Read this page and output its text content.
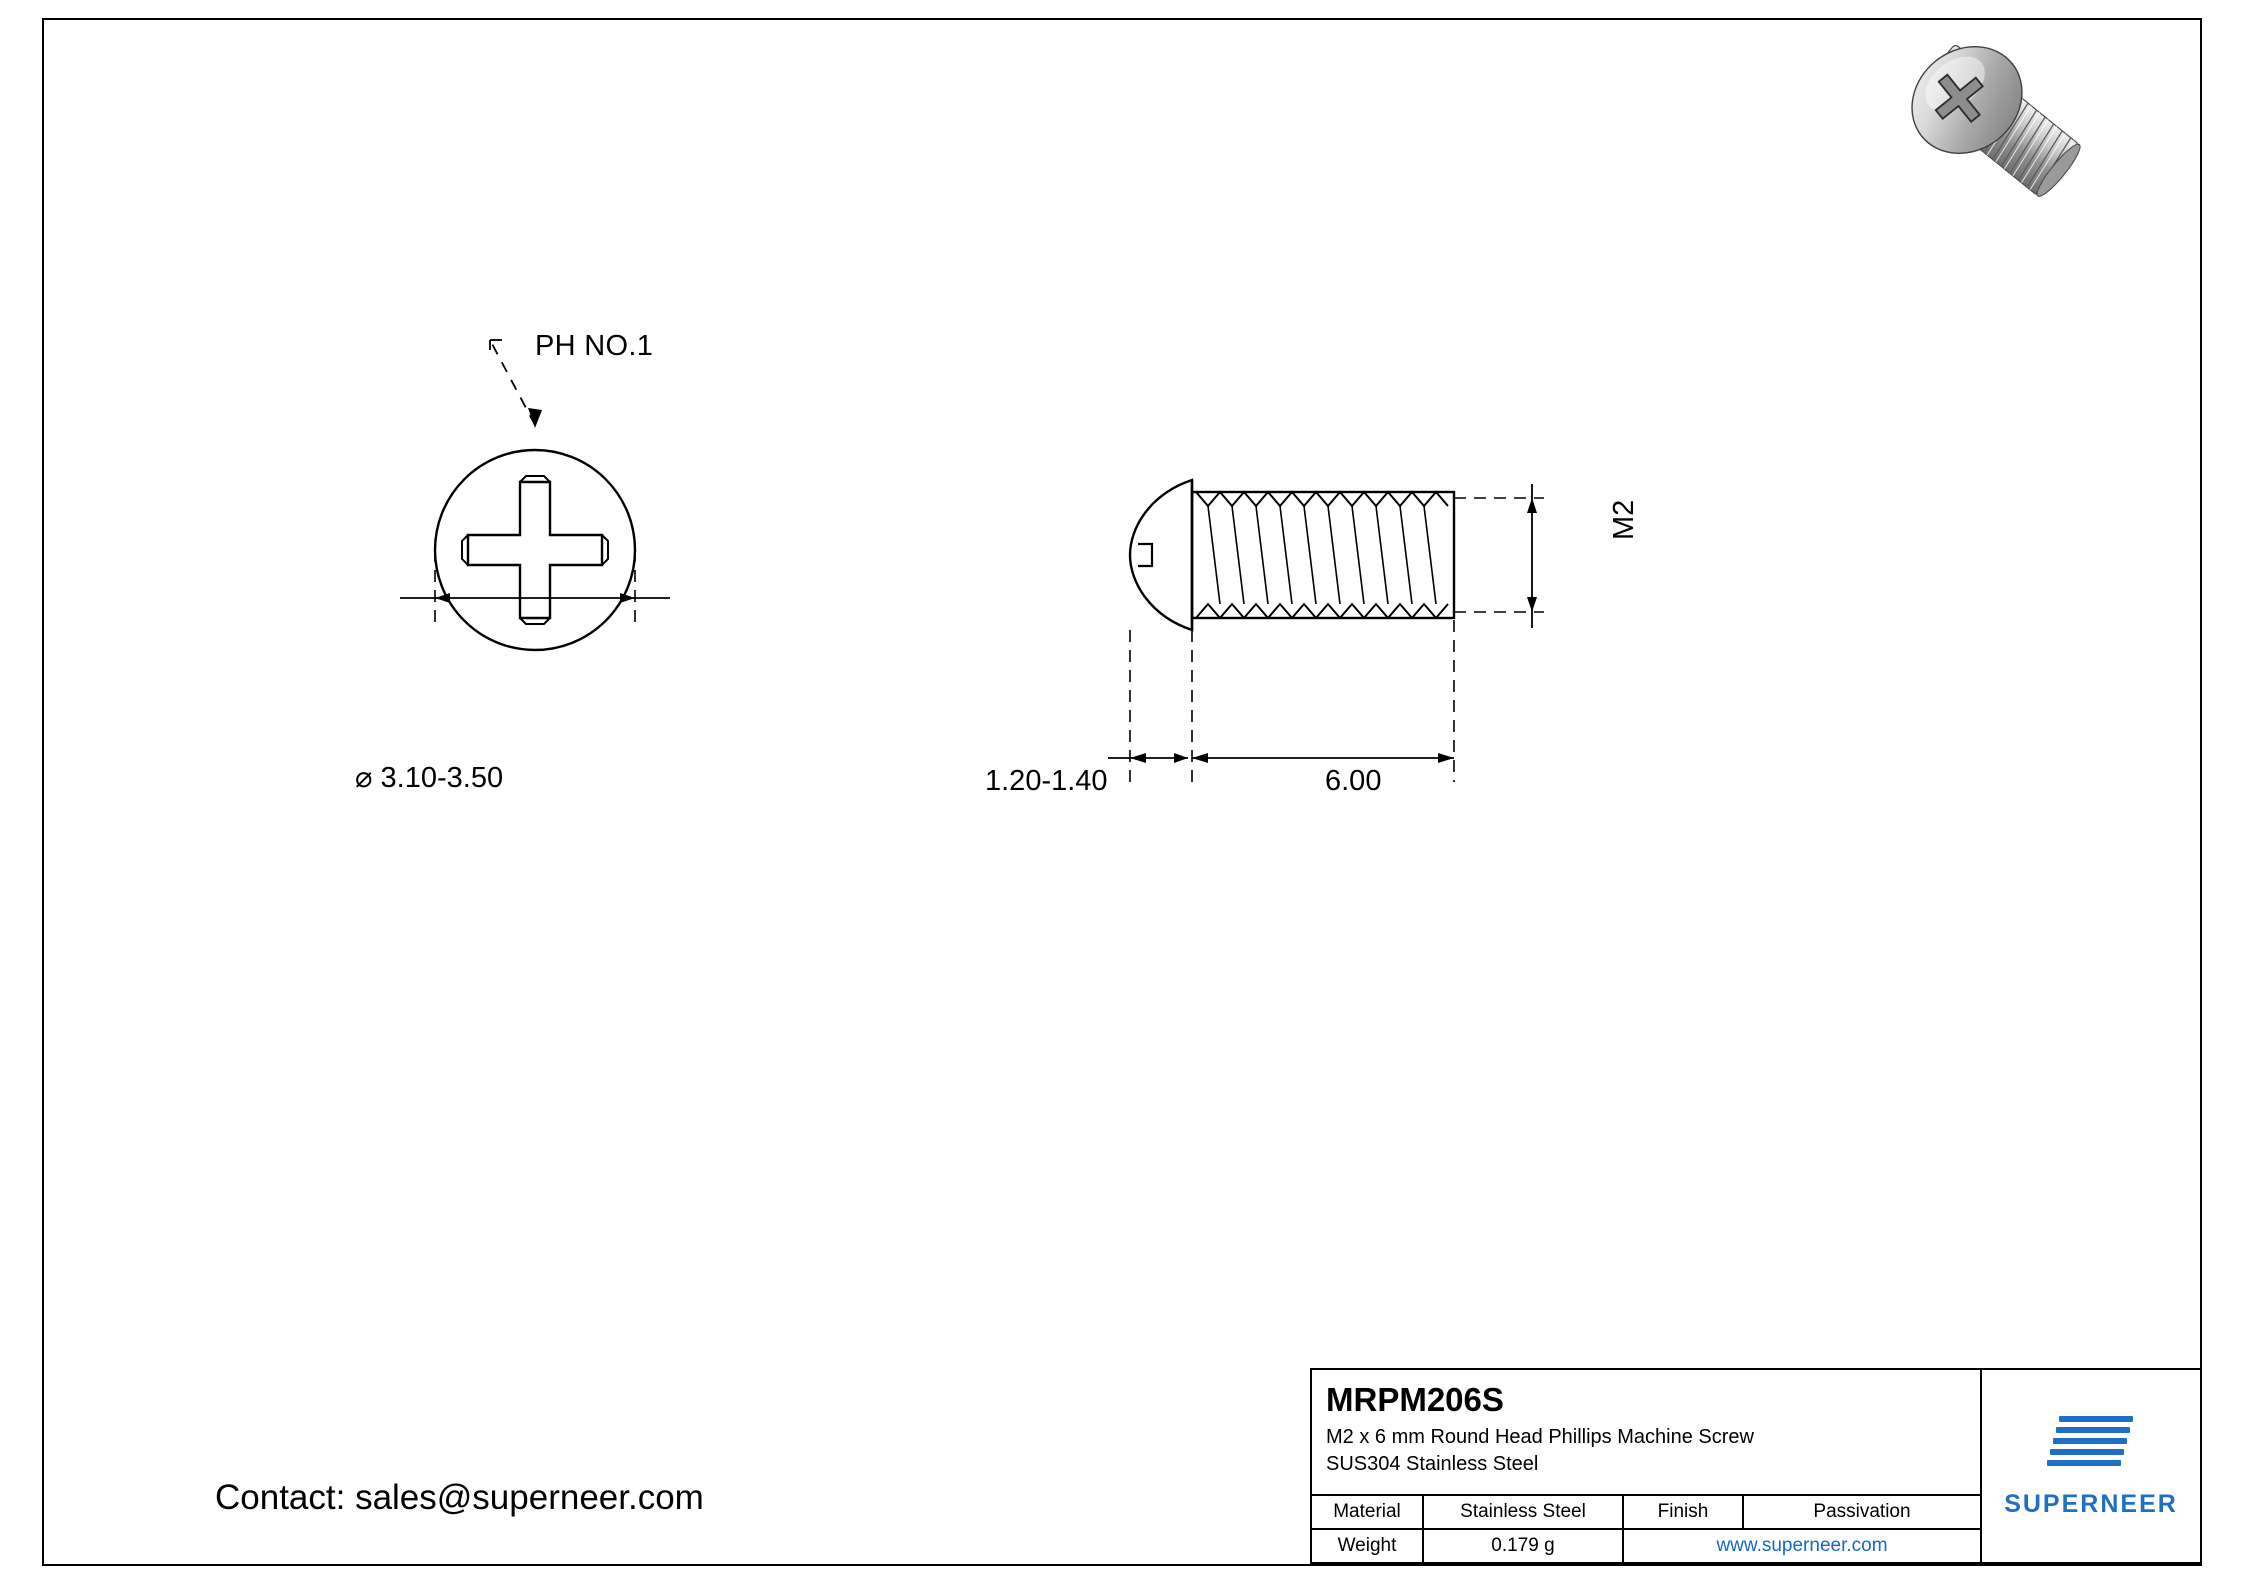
PH NO.1
⌀ 3.10-3.50	6.00
1.20-1.40
M2
Contact: sales@superneer.com
MRPM206S
M2 x 6 mm Round Head Phillips Machine Screw
SUS304 Stainless Steel
Material	Stainless Steel	Finish	Passivation
Weight	0.179 g	www.superneer.com
SUPERNEER
